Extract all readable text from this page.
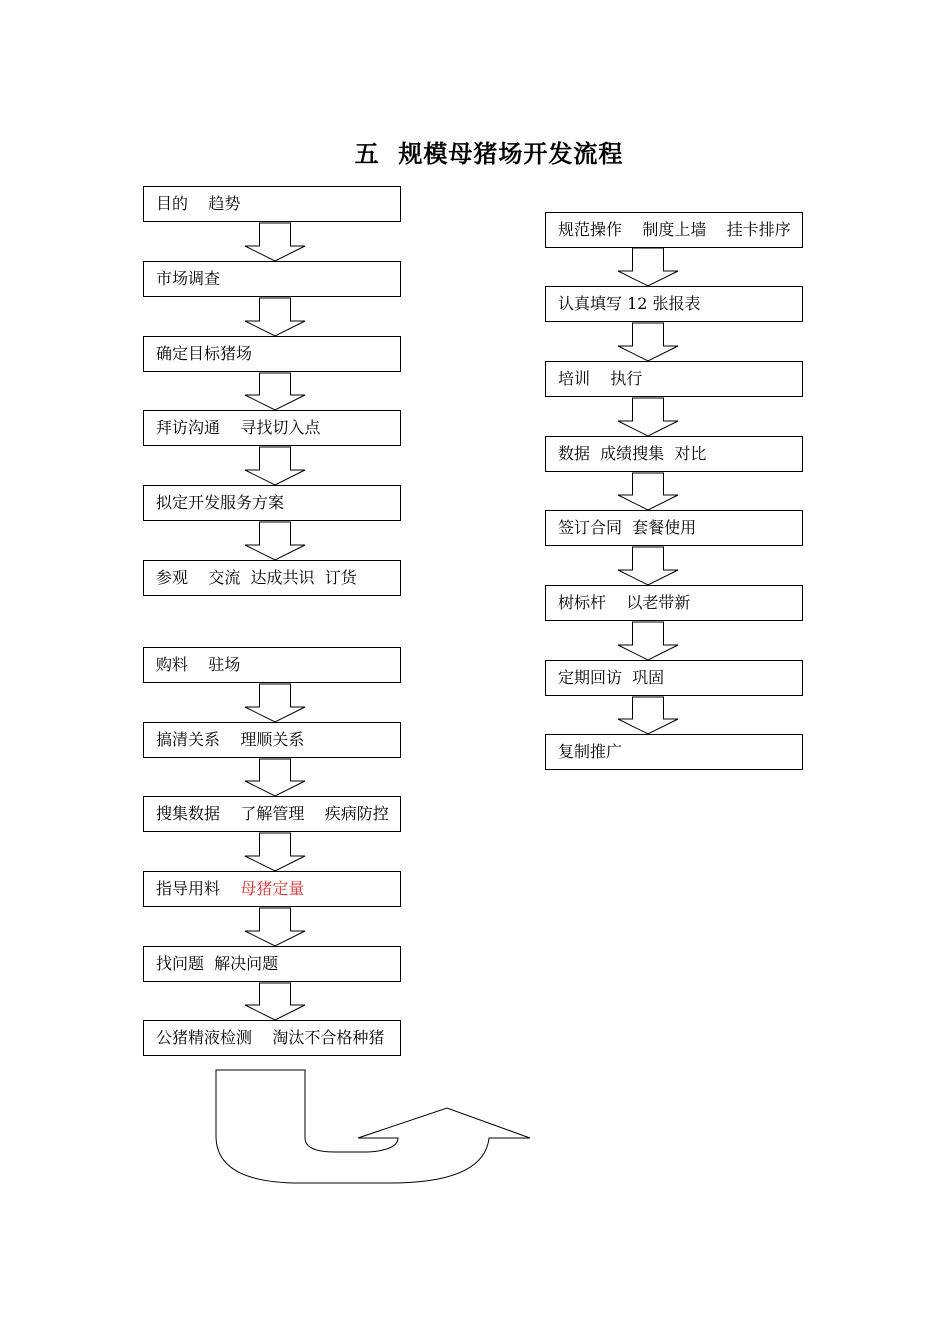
五  规模母猪场开发流程
目的    趋势
市场调查
确定目标猪场
拜访沟通    寻找切入点
拟定开发服务方案
参观    交流  达成共识  订货
购料    驻场
搞清关系    理顺关系
搜集数据    了解管理    疾病防控
指导用料    母猪定量
找问题  解决问题
公猪精液检测    淘汰不合格种猪
规范操作    制度上墙    挂卡排序
认真填写 12 张报表
培训    执行
数据  成绩搜集  对比
签订合同  套餐使用
树标杆    以老带新
定期回访  巩固
复制推广
